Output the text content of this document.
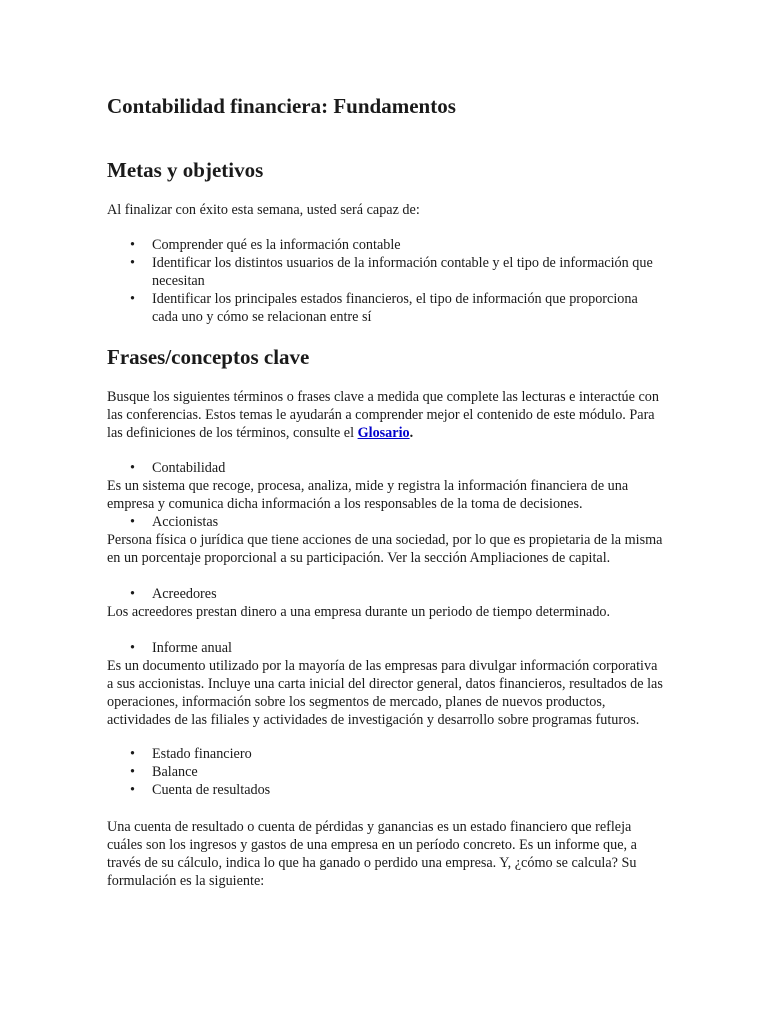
Contabilidad financiera: Fundamentos
Metas y objetivos

Al finalizar con éxito esta semana, usted será capaz de:

• Comprender qué es la información contable
• Identificar los distintos usuarios de la información contable y el tipo de información que necesitan
• Identificar los principales estados financieros, el tipo de información que proporciona cada uno y cómo se relacionan entre sí
Frases/conceptos clave

Busque los siguientes términos o frases clave a medida que complete las lecturas e interactúe con las conferencias. Estos temas le ayudarán a comprender mejor el contenido de este módulo. Para las definiciones de los términos, consulte el Glosario.

• Contabilidad

Es un sistema que recoge, procesa, analiza, mide y registra la información financiera de una empresa y comunica dicha información a los responsables de la toma de decisiones.

• Accionistas

Persona física o jurídica que tiene acciones de una sociedad, por lo que es propietaria de la misma en un porcentaje proporcional a su participación. Ver la sección Ampliaciones de capital.

• Acreedores

Los acreedores prestan dinero a una empresa durante un periodo de tiempo determinado.

• Informe anual

Es un documento utilizado por la mayoría de las empresas para divulgar información corporativa a sus accionistas. Incluye una carta inicial del director general, datos financieros, resultados de las operaciones, información sobre los segmentos de mercado, planes de nuevos productos, actividades de las filiales y actividades de investigación y desarrollo sobre programas futuros.

• Estado financiero
• Balance
• Cuenta de resultados

Una cuenta de resultado o cuenta de pérdidas y ganancias es un estado financiero que refleja cuáles son los ingresos y gastos de una empresa en un período concreto. Es un informe que, a través de su cálculo, indica lo que ha ganado o perdido una empresa. Y, ¿cómo se calcula? Su formulación es la siguiente:
